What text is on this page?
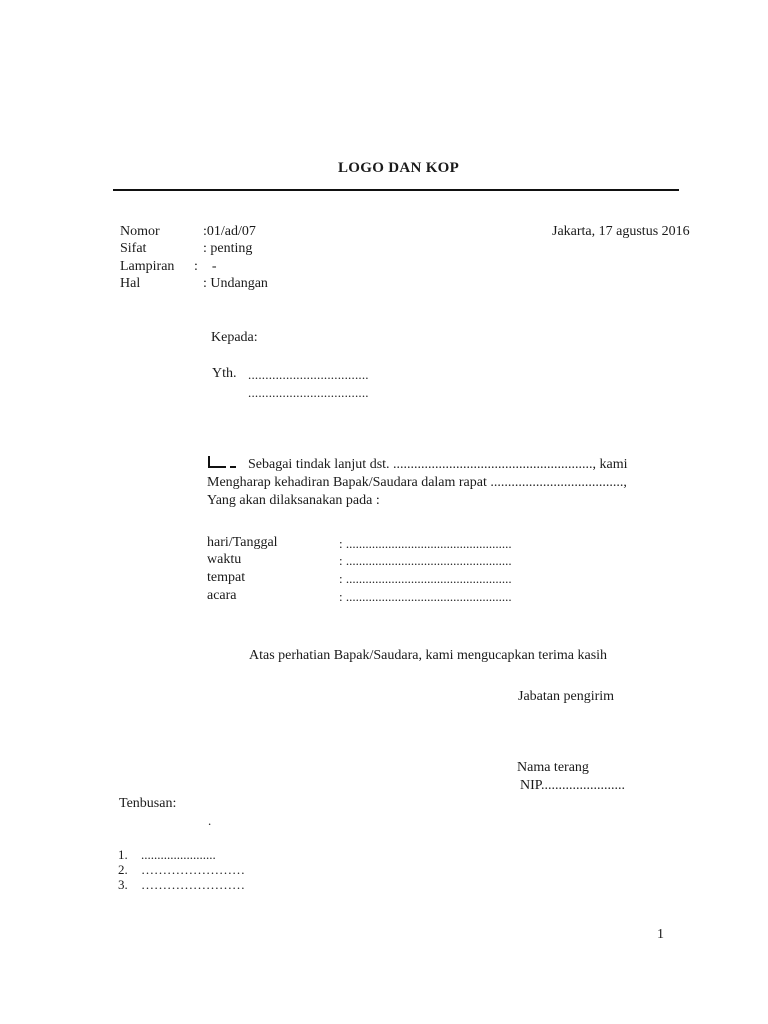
LOGO DAN KOP
Nomor	:01/ad/07
Sifat	: penting
Lampiran :    -
Hal	: Undangan
Jakarta, 17 agustus 2016
Kepada:
Yth. ...................................
...................................
Sebagai tindak lanjut dst. ........................................................., kami
Mengharap kehadiran Bapak/Saudara dalam rapat ......................................,
Yang akan dilaksanakan pada :
hari/Tanggal	: ...................................................
waktu	: ...................................................
tempat	: ...................................................
acara	: ...................................................
Atas perhatian Bapak/Saudara, kami mengucapkan terima kasih
Jabatan pengirim
Nama terang
NIP........................
Tenbusan:
.
1. .......................
2. ……………………
3. ……………………
1
